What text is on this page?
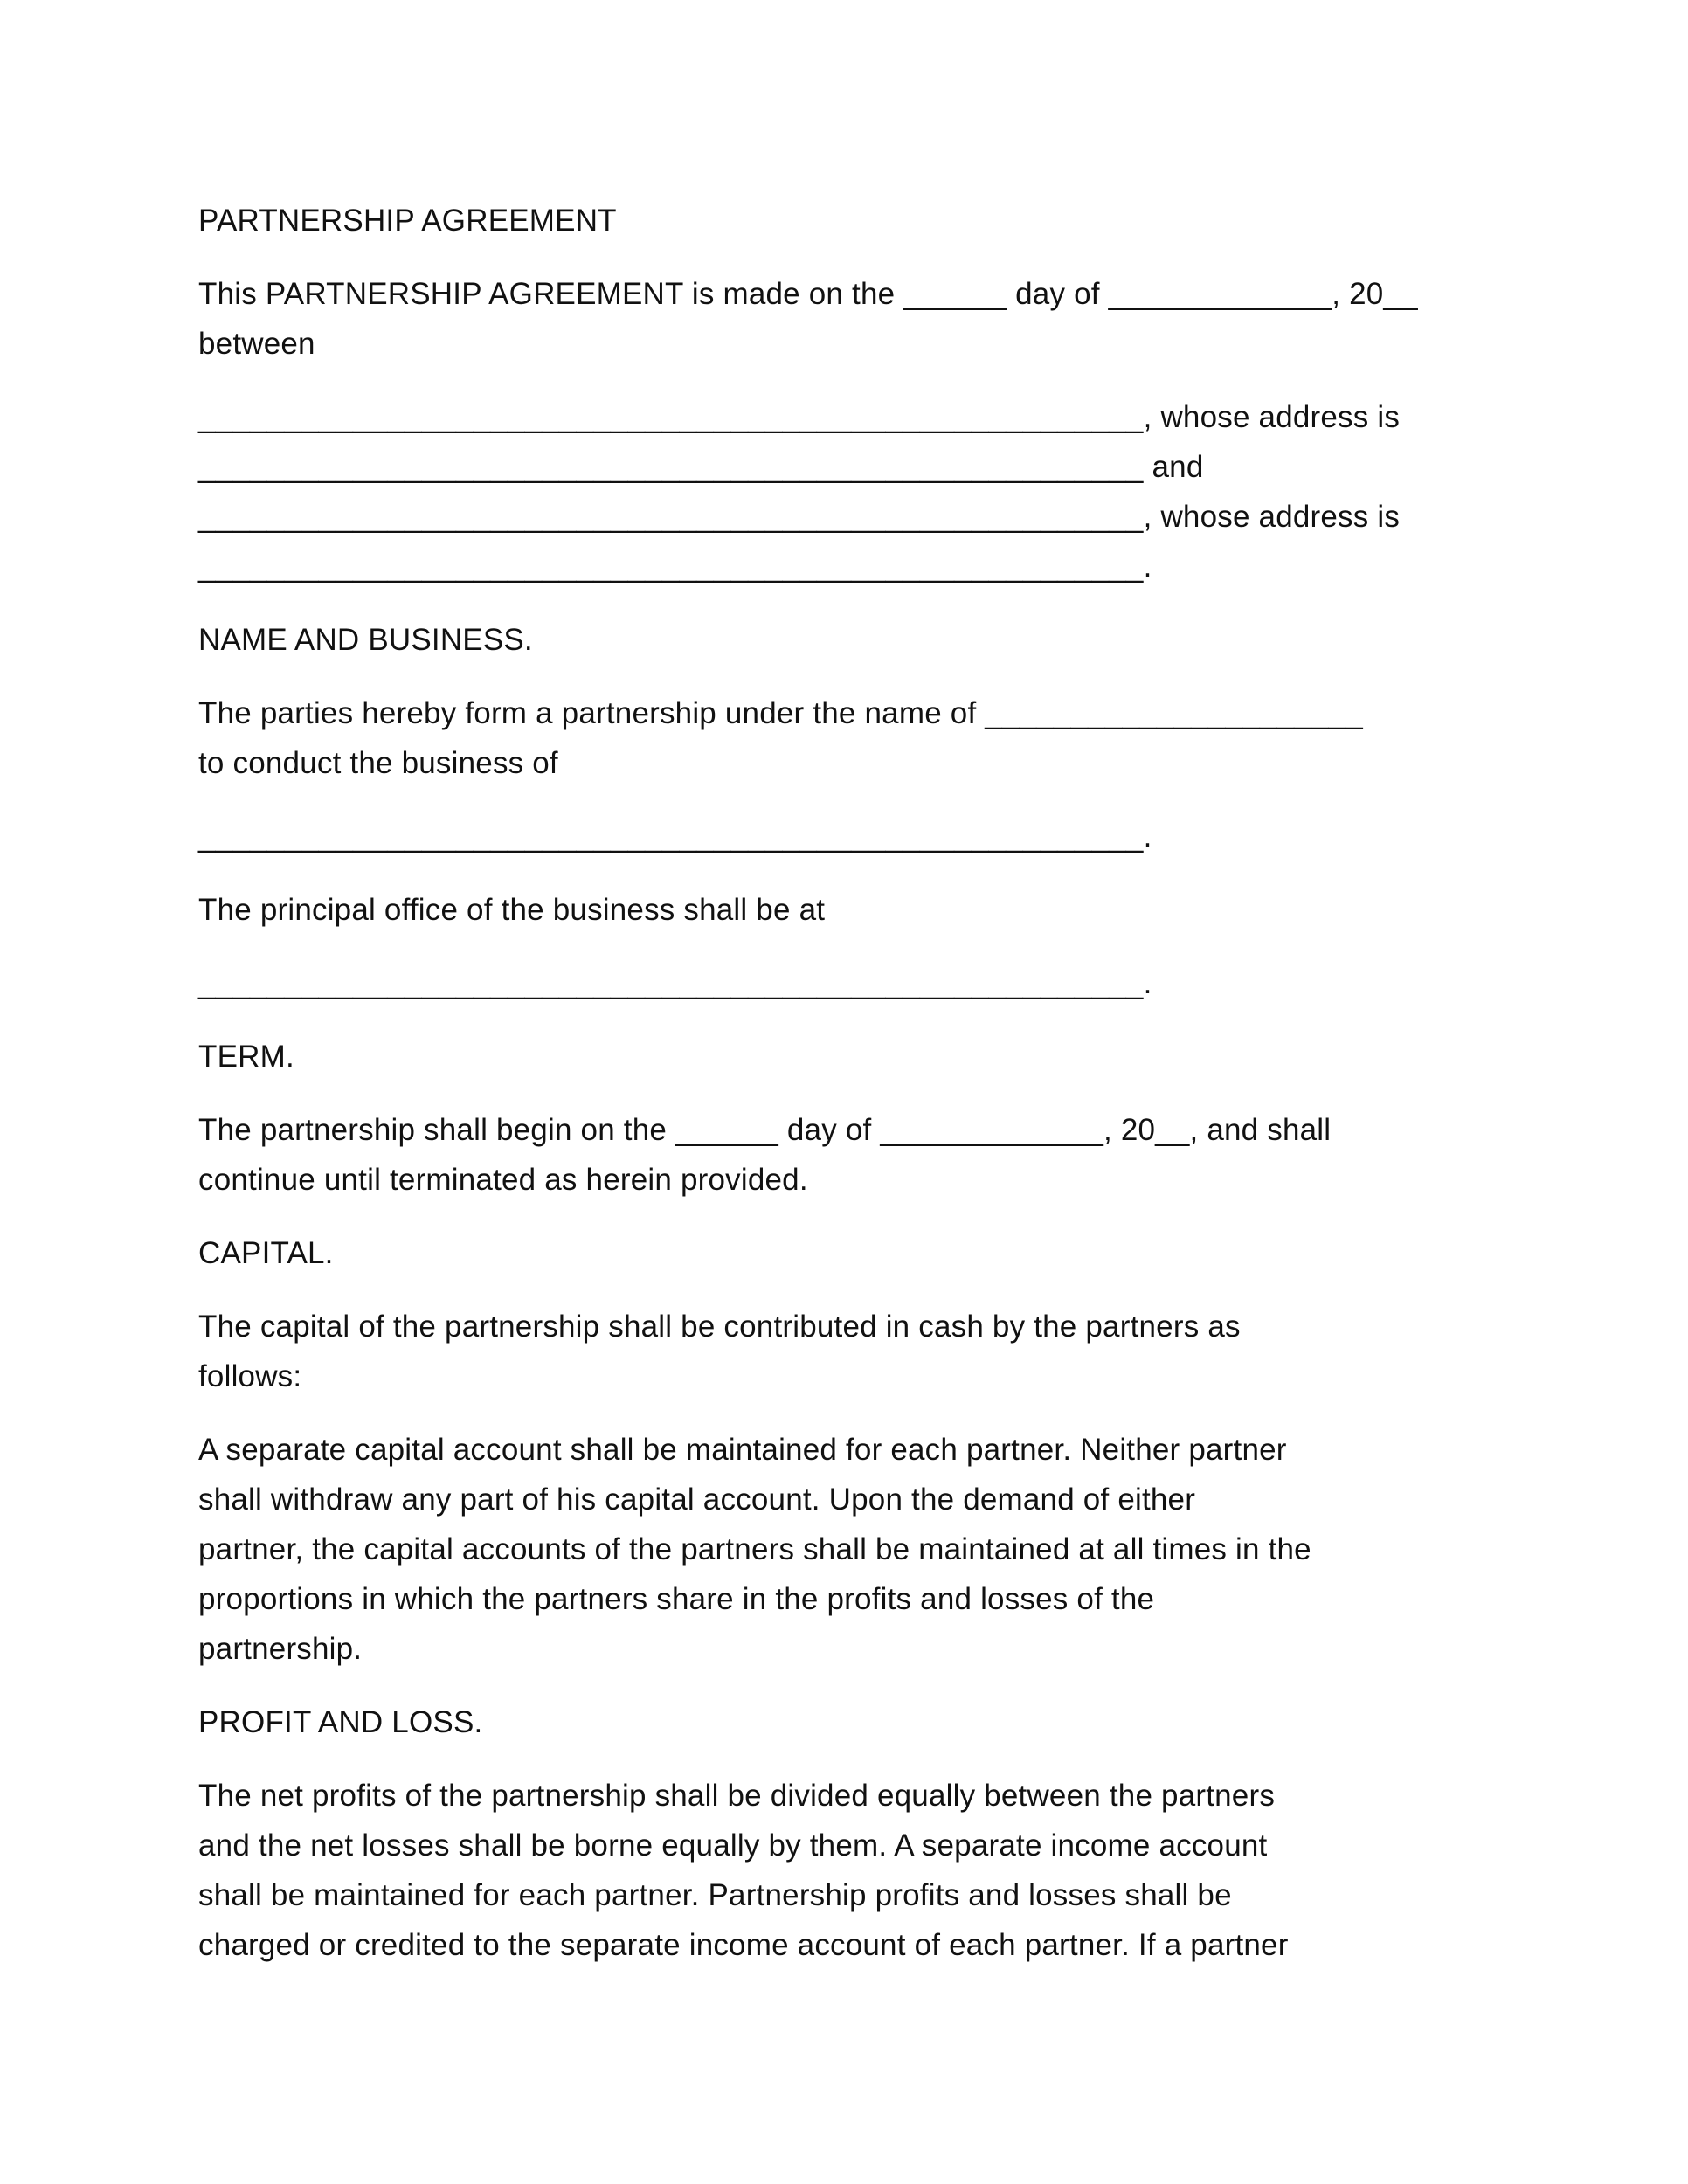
PARTNERSHIP AGREEMENT
This PARTNERSHIP AGREEMENT is made on the ______ day of _____________, 20__
between
_______________________________________________________, whose address is
_______________________________________________________ and
_______________________________________________________, whose address is
_______________________________________________________.
NAME AND BUSINESS.
The parties hereby form a partnership under the name of ______________________
to conduct the business of
_______________________________________________________.
The principal office of the business shall be at
_______________________________________________________.
TERM.
The partnership shall begin on the ______ day of _____________, 20__, and shall
continue until terminated as herein provided.
CAPITAL.
The capital of the partnership shall be contributed in cash by the partners as
follows:
A separate capital account shall be maintained for each partner. Neither partner
shall withdraw any part of his capital account. Upon the demand of either
partner, the capital accounts of the partners shall be maintained at all times in the
proportions in which the partners share in the profits and losses of the
partnership.
PROFIT AND LOSS.
The net profits of the partnership shall be divided equally between the partners
and the net losses shall be borne equally by them. A separate income account
shall be maintained for each partner. Partnership profits and losses shall be
charged or credited to the separate income account of each partner. If a partner
